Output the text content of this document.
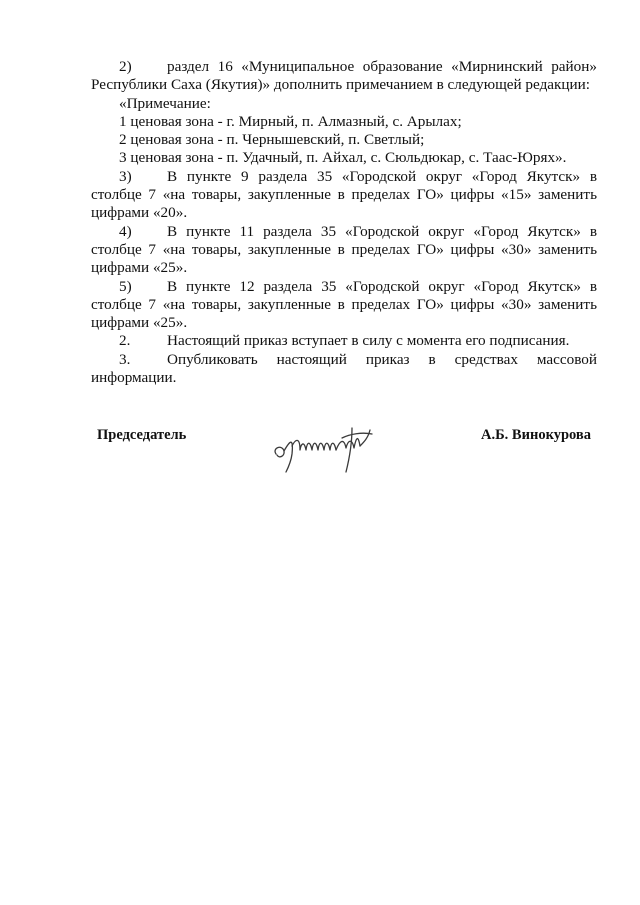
2) раздел 16 «Муниципальное образование «Мирнинский район» Республики Саха (Якутия)» дополнить примечанием в следующей редакции:

«Примечание:

1 ценовая зона - г. Мирный, п. Алмазный, с. Арылах;

2 ценовая зона - п. Чернышевский, п. Светлый;

3 ценовая зона - п. Удачный, п. Айхал, с. Сюльдюкар, с. Таас-Юрях».

3) В пункте 9 раздела 35 «Городской округ «Город Якутск» в столбце 7 «на товары, закупленные в пределах ГО» цифры «15» заменить цифрами «20».

4) В пункте 11 раздела 35 «Городской округ «Город Якутск» в столбце 7 «на товары, закупленные в пределах ГО» цифры «30» заменить цифрами «25».

5) В пункте 12 раздела 35 «Городской округ «Город Якутск» в столбце 7 «на товары, закупленные в пределах ГО» цифры «30» заменить цифрами «25».

2. Настоящий приказ вступает в силу с момента его подписания.

3. Опубликовать настоящий приказ в средствах массовой информации.

Председатель	А.Б. Винокурова
